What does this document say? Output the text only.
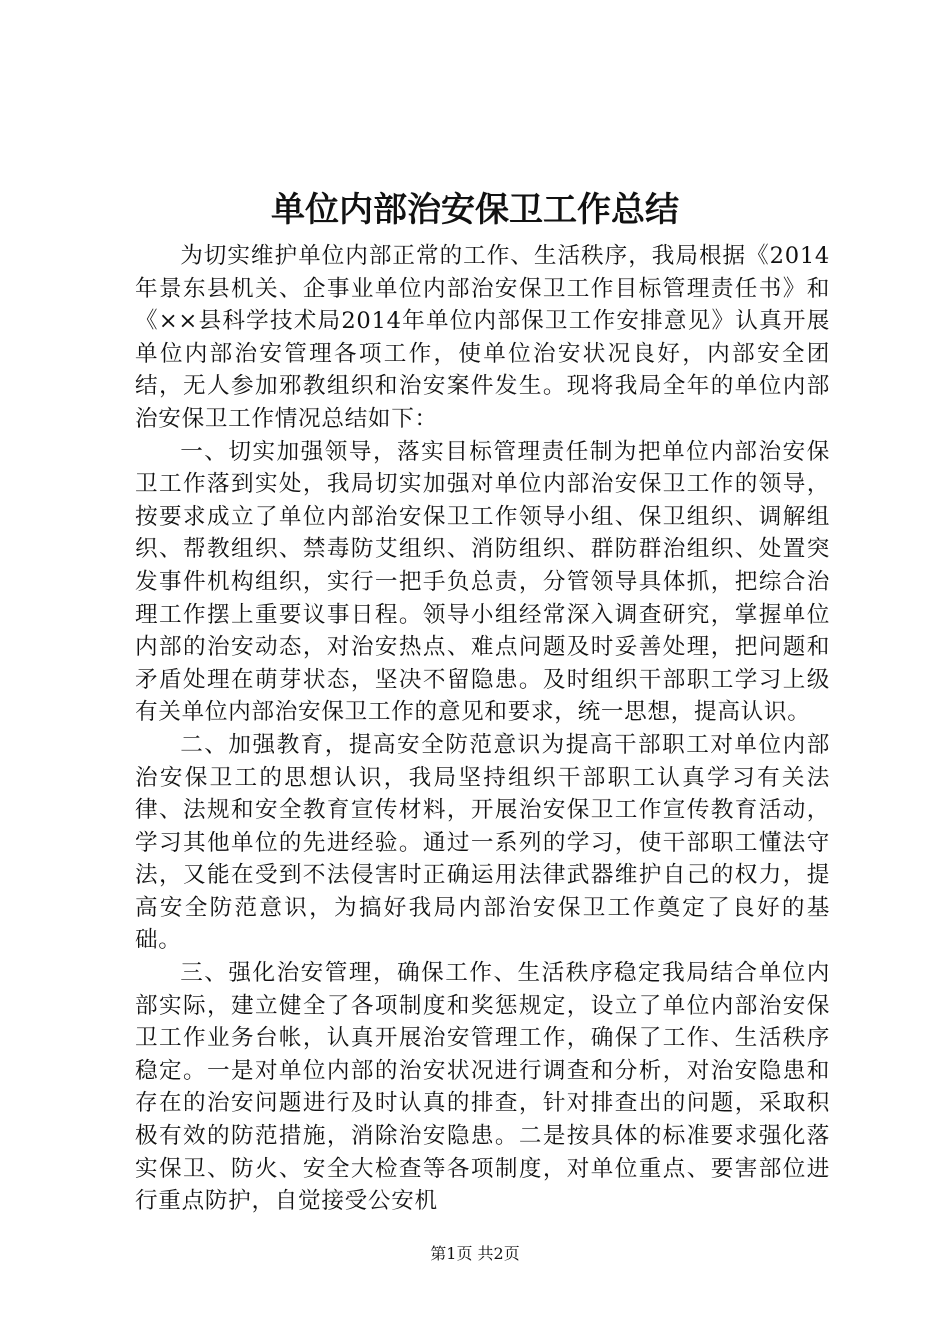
单位内部治安保卫工作总结

为切实维护单位内部正常的工作、生活秩序，我局根据《2014年景东县机关、企事业单位内部治安保卫工作目标管理责任书》和《××县科学技术局2014年单位内部保卫工作安排意见》认真开展单位内部治安管理各项工作，使单位治安状况良好，内部安全团结，无人参加邪教组织和治安案件发生。现将我局全年的单位内部治安保卫工作情况总结如下：

一、切实加强领导，落实目标管理责任制为把单位内部治安保卫工作落到实处，我局切实加强对单位内部治安保卫工作的领导，按要求成立了单位内部治安保卫工作领导小组、保卫组织、调解组织、帮教组织、禁毒防艾组织、消防组织、群防群治组织、处置突发事件机构组织，实行一把手负总责，分管领导具体抓，把综合治理工作摆上重要议事日程。领导小组经常深入调查研究，掌握单位内部的治安动态，对治安热点、难点问题及时妥善处理，把问题和矛盾处理在萌芽状态，坚决不留隐患。及时组织干部职工学习上级有关单位内部治安保卫工作的意见和要求，统一思想，提高认识。

二、加强教育，提高安全防范意识为提高干部职工对单位内部治安保卫工的思想认识，我局坚持组织干部职工认真学习有关法律、法规和安全教育宣传材料，开展治安保卫工作宣传教育活动，学习其他单位的先进经验。通过一系列的学习，使干部职工懂法守法，又能在受到不法侵害时正确运用法律武器维护自己的权力，提高安全防范意识，为搞好我局内部治安保卫工作奠定了良好的基础。

三、强化治安管理，确保工作、生活秩序稳定我局结合单位内部实际，建立健全了各项制度和奖惩规定，设立了单位内部治安保卫工作业务台帐，认真开展治安管理工作，确保了工作、生活秩序稳定。一是对单位内部的治安状况进行调查和分析，对治安隐患和存在的治安问题进行及时认真的排查，针对排查出的问题，采取积极有效的防范措施，消除治安隐患。二是按具体的标准要求强化落实保卫、防火、安全大检查等各项制度，对单位重点、要害部位进行重点防护，自觉接受公安机

第1页 共2页
